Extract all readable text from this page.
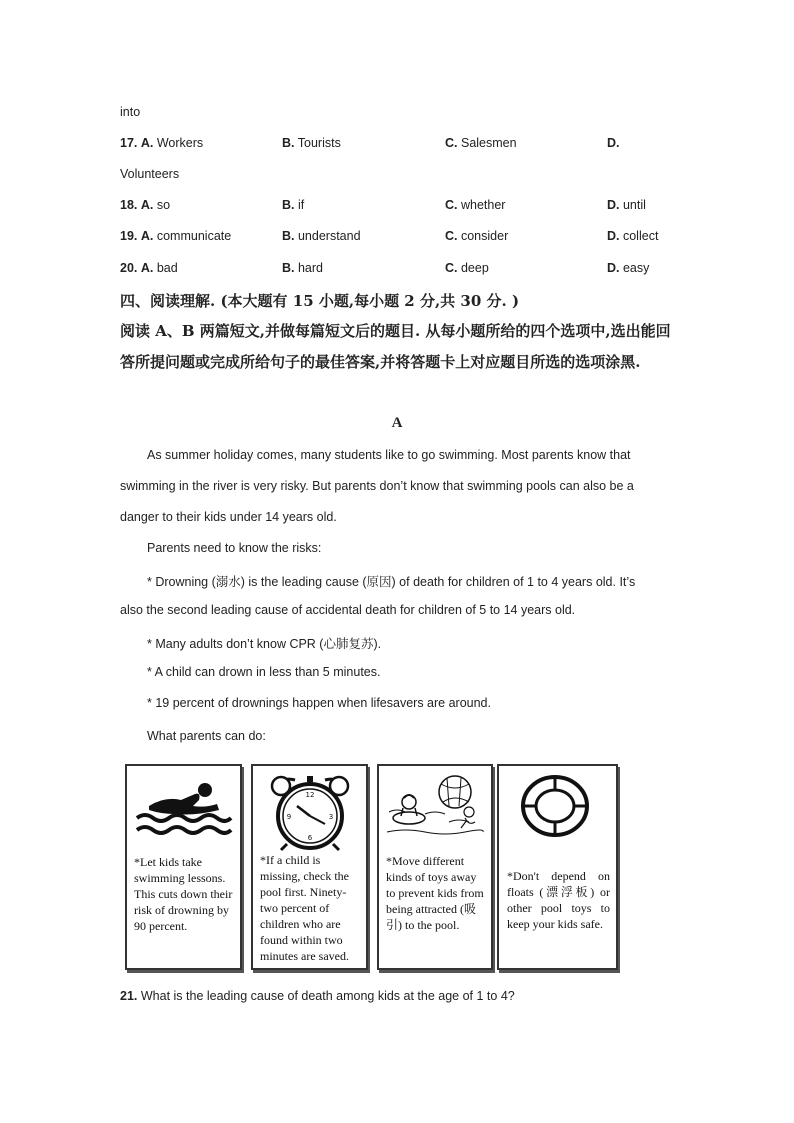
into
17. A. Workers	B. Tourists	C. Salesmen	D.
Volunteers
18. A. so	B. if	C. whether	D. until
19. A. communicate	B. understand	C. consider	D. collect
20. A. bad	B. hard	C. deep	D. easy
四、阅读理解. (本大题有 15 小题,每小题 2 分,共 30 分. )
阅读 A、B 两篇短文,并做每篇短文后的题目. 从每小题所给的四个选项中,选出能回答所提问题或完成所给句子的最佳答案,并将答题卡上对应题目所选的选项涂黑.
A
As summer holiday comes, many students like to go swimming. Most parents know that
swimming in the river is very risky. But parents don’t know that swimming pools can also be a
danger to their kids under 14 years old.
Parents need to know the risks:
* Drowning (溺水) is the leading cause (原因) of death for children of 1 to 4 years old. It’s
also the second leading cause of accidental death for children of 5 to 14 years old.
* Many adults don’t know CPR (心肺复苏).
* A child can drown in less than 5 minutes.
* 19 percent of drownings happen when lifesavers are around.
What parents can do:
*Let kids take swimming lessons. This cuts down their risk of drowning by 90 percent.
12
3
6
9
*If a child is missing, check the pool first. Ninety-two percent of children who are found within two minutes are saved.
*Move different kinds of toys away to prevent kids from being attracted (吸引) to the pool.
*Don't depend on floats (漂浮板) or other pool toys to keep your kids safe.
21. What is the leading cause of death among kids at the age of 1 to 4?
